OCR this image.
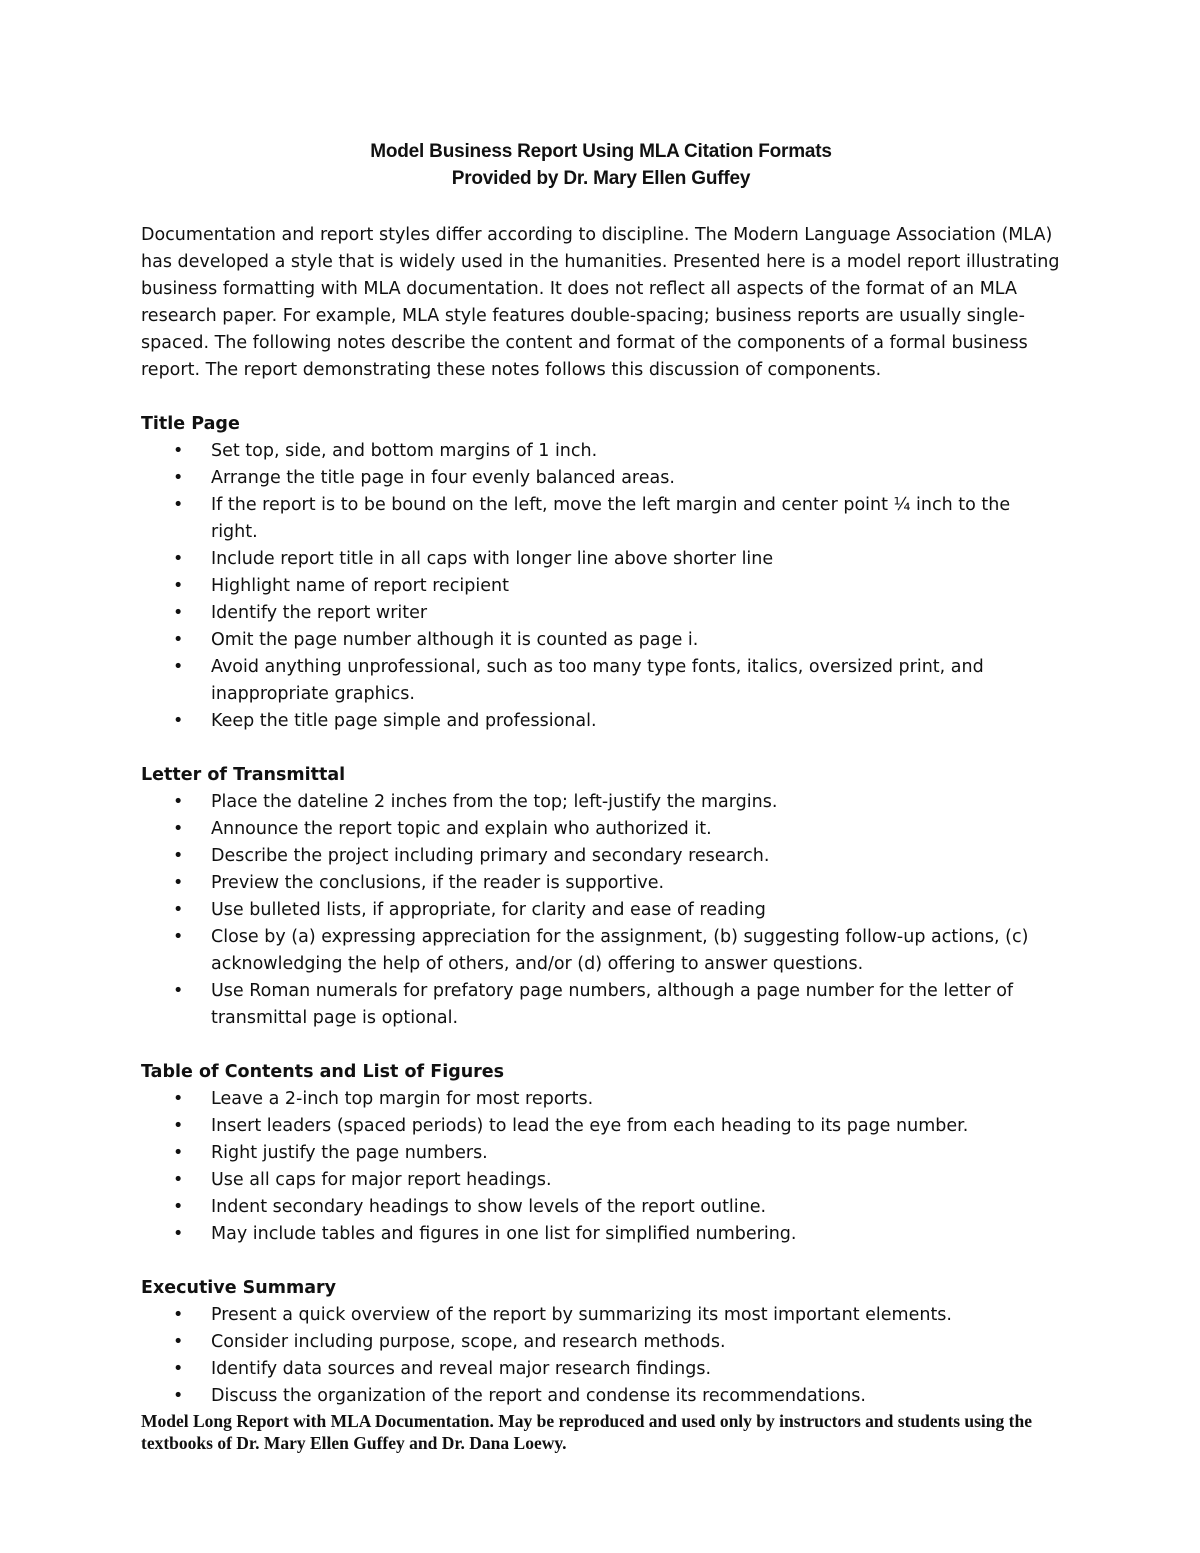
Model Business Report Using MLA Citation Formats
Provided by Dr. Mary Ellen Guffey

Documentation and report styles differ according to discipline. The Modern Language Association (MLA) has developed a style that is widely used in the humanities. Presented here is a model report illustrating business formatting with MLA documentation. It does not reflect all aspects of the format of an MLA research paper. For example, MLA style features double-spacing; business reports are usually single-spaced. The following notes describe the content and format of the components of a formal business report. The report demonstrating these notes follows this discussion of components.

Title Page
• Set top, side, and bottom margins of 1 inch.
• Arrange the title page in four evenly balanced areas.
• If the report is to be bound on the left, move the left margin and center point ¼ inch to the right.
• Include report title in all caps with longer line above shorter line
• Highlight name of report recipient
• Identify the report writer
• Omit the page number although it is counted as page i.
• Avoid anything unprofessional, such as too many type fonts, italics, oversized print, and inappropriate graphics.
• Keep the title page simple and professional.
Letter of Transmittal
• Place the dateline 2 inches from the top; left-justify the margins.
• Announce the report topic and explain who authorized it.
• Describe the project including primary and secondary research.
• Preview the conclusions, if the reader is supportive.
• Use bulleted lists, if appropriate, for clarity and ease of reading
• Close by (a) expressing appreciation for the assignment, (b) suggesting follow-up actions, (c) acknowledging the help of others, and/or (d) offering to answer questions.
• Use Roman numerals for prefatory page numbers, although a page number for the letter of transmittal page is optional.
Table of Contents and List of Figures
• Leave a 2-inch top margin for most reports.
• Insert leaders (spaced periods) to lead the eye from each heading to its page number.
• Right justify the page numbers.
• Use all caps for major report headings.
• Indent secondary headings to show levels of the report outline.
• May include tables and figures in one list for simplified numbering.
Executive Summary
• Present a quick overview of the report by summarizing its most important elements.
• Consider including purpose, scope, and research methods.
• Identify data sources and reveal major research findings.
• Discuss the organization of the report and condense its recommendations.
Model Long Report with MLA Documentation. May be reproduced and used only by instructors and students using the textbooks of Dr. Mary Ellen Guffey and Dr. Dana Loewy.
